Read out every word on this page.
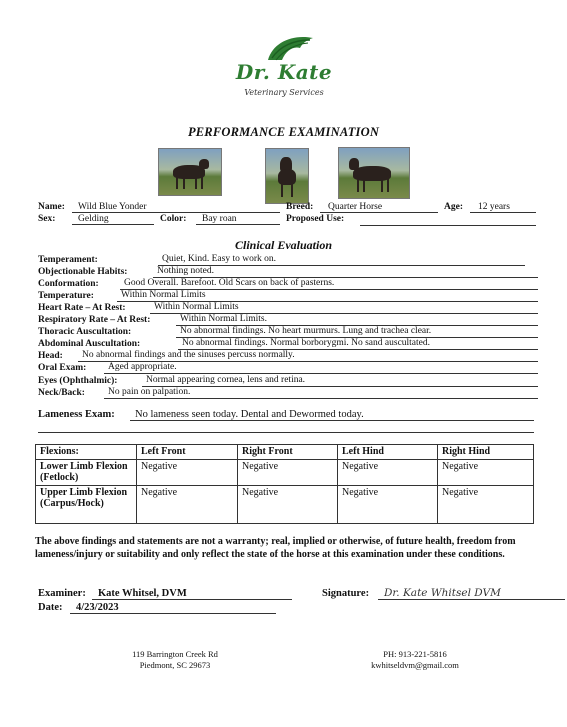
Dr. Kate
Veterinary Services
PERFORMANCE EXAMINATION
Name:	Wild Blue Yonder	Breed:	Quarter Horse	Age:	12 years
Sex:	Gelding	Color:	Bay roan	Proposed Use:
Clinical Evaluation
Temperament:	Quiet, Kind. Easy to work on.
Objectionable Habits:	Nothing noted.
Conformation:	Good Overall. Barefoot. Old Scars on back of pasterns.
Temperature:	Within Normal Limits
Heart Rate – At Rest:	Within Normal Limits
Respiratory Rate – At Rest:	Within Normal Limits.
Thoracic Auscultation:	No abnormal findings. No heart murmurs. Lung and trachea clear.
Abdominal Auscultation:	No abnormal findings. Normal borborygmi. No sand auscultated.
Head:	No abnormal findings and the sinuses percuss normally.
Oral Exam:	Aged appropriate.
Eyes (Ophthalmic):	Normal appearing cornea, lens and retina.
Neck/Back:	No pain on palpation.
Lameness Exam:	No lameness seen today. Dental and Dewormed today.
Flexions:	Left Front	Right Front	Left Hind	Right Hind
Lower Limb Flexion (Fetlock)	Negative	Negative	Negative	Negative
Upper Limb Flexion (Carpus/Hock)	Negative	Negative	Negative	Negative
The above findings and statements are not a warranty; real, implied or otherwise, of future health, freedom from lameness/injury or suitability and only reflect the state of the horse at this examination under these conditions.
Examiner:	Kate Whitsel, DVM	Signature:	Dr. Kate Whitsel DVM
Date:	4/23/2023
119 Barrington Creek Rd
Piedmont, SC 29673
PH: 913-221-5816
kwhitseldvm@gmail.com
